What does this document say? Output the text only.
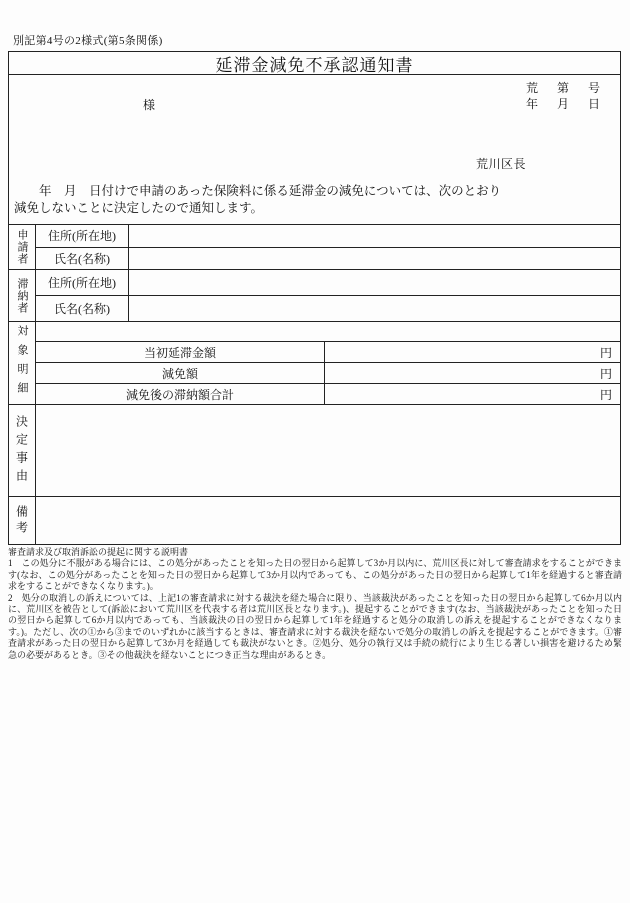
別記第4号の2様式(第5条関係)
延滞金減免不承認通知書
荒 第 号
年 月 日
様
荒川区長
　　年　月　日付けで申請のあった保険料に係る延滞金の減免については、次のとおり
減免しないことに決定したので通知します。
申請者	住所(所在地)
氏名(名称)
滞納者	住所(所在地)
氏名(名称)
対象明細	当初延滞金額	円
減免額	円
減免後の滞納額合計	円
決定事由
備考

審査請求及び取消訴訟の提起に関する説明書

1　この処分に不服がある場合には、この処分があったことを知った日の翌日から起算して3か月以内に、荒川区長に対して審査請求をすることができます(なお、この処分があったことを知った日の翌日から起算して3か月以内であっても、この処分があった日の翌日から起算して1年を経過すると審査請求をすることができなくなります。)。

2　処分の取消しの訴えについては、上記1の審査請求に対する裁決を経た場合に限り、当該裁決があったことを知った日の翌日から起算して6か月以内に、荒川区を被告として(訴訟において荒川区を代表する者は荒川区長となります。)、提起することができます(なお、当該裁決があったことを知った日の翌日から起算して6か月以内であっても、当該裁決の日の翌日から起算して1年を経過すると処分の取消しの訴えを提起することができなくなります。)。ただし、次の①から③までのいずれかに該当するときは、審査請求に対する裁決を経ないで処分の取消しの訴えを提起することができます。①審査請求があった日の翌日から起算して3か月を経過しても裁決がないとき。②処分、処分の執行又は手続の続行により生じる著しい損害を避けるため緊急の必要があるとき。③その他裁決を経ないことにつき正当な理由があるとき。
